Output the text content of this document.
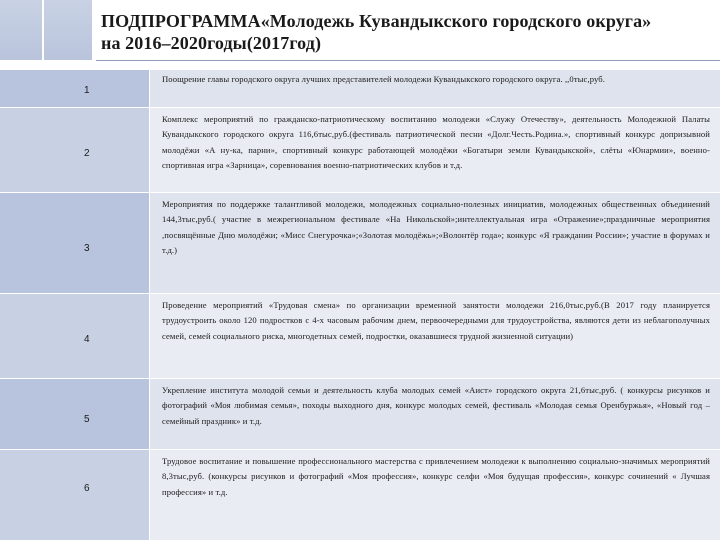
ПОДПРОГРАММА«Молодежь Кувандыкского городского округа»
на 2016–2020годы(2017год)
1
Поощрение главы городского округа лучших представителей молодежи Кувандыкского городского округа. ,,0тыс,руб.
2
Комплекс мероприятий по гражданско-патриотическому воспитанию молодежи «Служу Отечеству», деятельность Молодежной Палаты Кувандыкского городского округа 116,6тыс,руб.(фестиваль патриотической песни «Долг.Честь.Родина.», спортивный конкурс допризывной молодёжи «А ну-ка, парни», спортивный конкурс работающей молодёжи «Богатыри земли Кувандыкской», слёты «Юнармии», военно-спортивная игра «Зарница», соревнования военно-патриотических клубов и т.д.
3
Мероприятия по поддержке талантливой молодежи, молодежных социально-полезных инициатив, молодежных общественных объединений 144,3тыс,руб.( участие в межрегиональном фестивале «На Никольской»;интеллектуальная игра «Отражение»;праздничные мероприятия ,посвящённые Дню молодёжи; «Мисс Снегурочка»;«Золотая молодёжь»;«Волонтёр года»; конкурс «Я гражданин России»; участие в форумах и т.д.)
4
Проведение мероприятий «Трудовая смена» по организации временной занятости молодежи 216,0тыс,руб.(В 2017 году планируется трудоустроить около 120 подростков с 4-х часовым рабочим днем, первоочередными для трудоустройства, являются дети из неблагополучных семей, семей социального риска, многодетных семей, подростки, оказавшиеся трудной жизненной ситуации)
5
Укрепление института молодой семьи и деятельность клуба молодых семей «Аист» городского округа 21,6тыс,руб. ( конкурсы рисунков и фотографий «Моя любимая семья», походы выходного дня, конкурс молодых семей, фестиваль «Молодая семья Оренбуржья», «Новый год – семейный праздник» и т.д.
6
Трудовое воспитание и повышение профессионального мастерства с привлечением молодежи к выполнению социально-значимых мероприятий 8,3тыс,руб. (конкурсы рисунков и фотографий «Моя профессия», конкурс селфи «Моя будущая профессия», конкурс сочинений « Лучшая профессия» и т.д.
